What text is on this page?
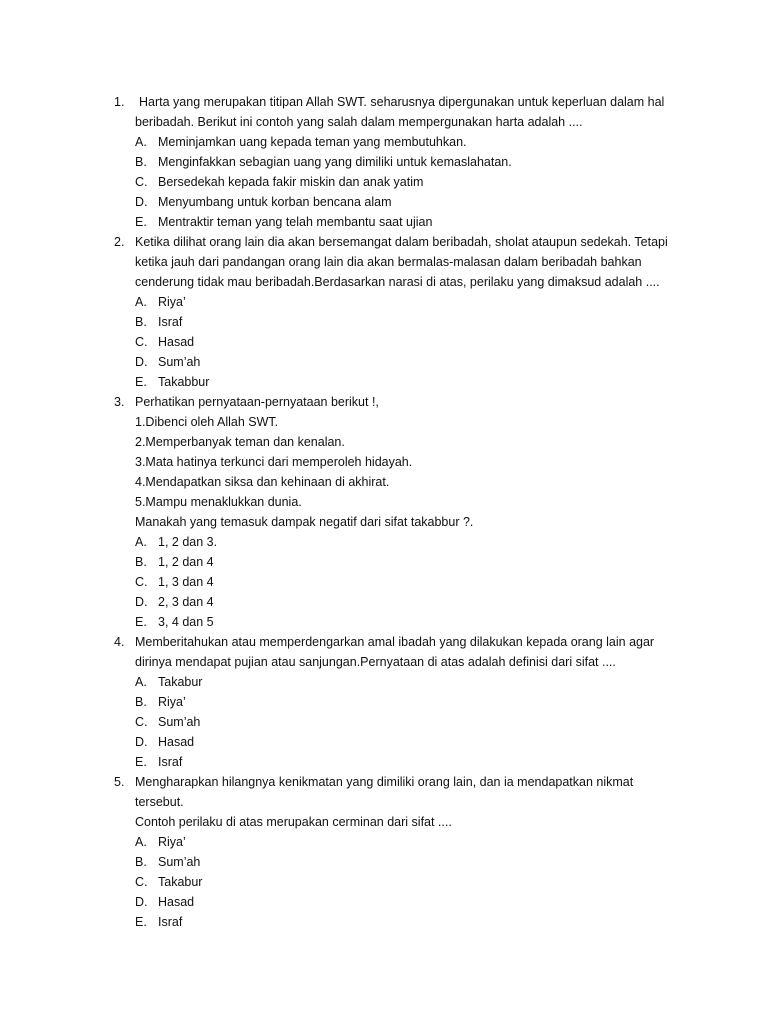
1.	Harta yang merupakan titipan Allah SWT. seharusnya dipergunakan untuk keperluan dalam hal
beribadah. Berikut ini contoh yang salah dalam mempergunakan harta adalah ....
A. Meminjamkan uang kepada teman yang membutuhkan.
B. Menginfakkan sebagian uang yang dimiliki untuk kemaslahatan.
C. Bersedekah kepada fakir miskin dan anak yatim
D. Menyumbang untuk korban bencana alam
E. Mentraktir teman yang telah membantu saat ujian
2. Ketika dilihat orang lain dia akan bersemangat dalam beribadah, sholat ataupun sedekah. Tetapi
ketika jauh dari pandangan orang lain dia akan bermalas-malasan dalam beribadah bahkan
cenderung tidak mau beribadah.Berdasarkan narasi di atas, perilaku yang dimaksud adalah ....
A. Riya’
B. Israf
C. Hasad
D. Sum’ah
E. Takabbur
3. Perhatikan pernyataan-pernyataan berikut !,
1.Dibenci oleh Allah SWT.
2.Memperbanyak teman dan kenalan.
3.Mata hatinya terkunci dari memperoleh hidayah.
4.Mendapatkan siksa dan kehinaan di akhirat.
5.Mampu menaklukkan dunia.
Manakah yang temasuk dampak negatif dari sifat takabbur ?.
A. 1, 2 dan 3.
B. 1, 2 dan 4
C. 1, 3 dan 4
D. 2, 3 dan 4
E. 3, 4 dan 5
4. Memberitahukan atau memperdengarkan amal ibadah yang dilakukan kepada orang lain agar
dirinya mendapat pujian atau sanjungan.Pernyataan di atas adalah definisi dari sifat ....
A. Takabur
B. Riya’
C. Sum’ah
D. Hasad
E. Israf
5. Mengharapkan hilangnya kenikmatan yang dimiliki orang lain, dan ia mendapatkan nikmat
tersebut.
Contoh perilaku di atas merupakan cerminan dari sifat ....
A. Riya’
B. Sum’ah
C. Takabur
D. Hasad
E. Israf
